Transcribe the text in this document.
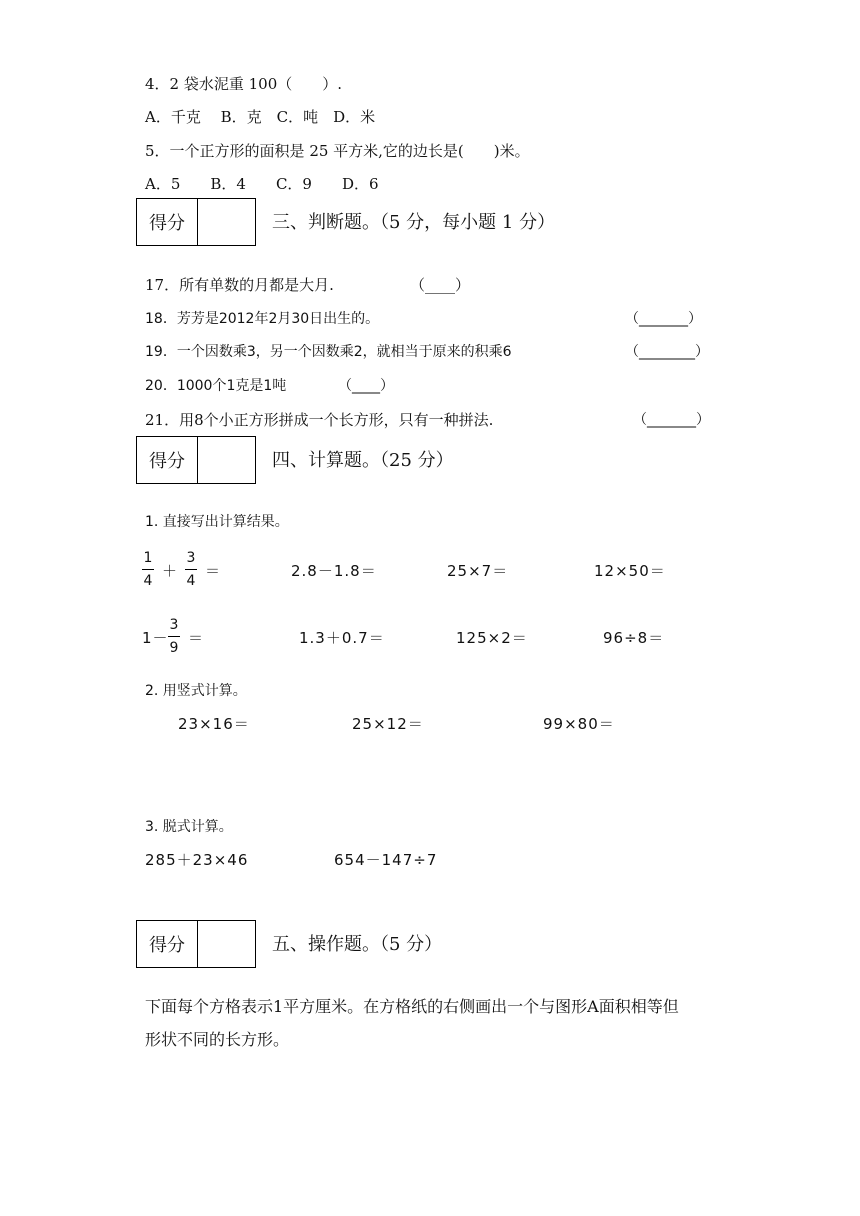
4．2 袋水泥重 100（　　）.
A．千克　 B．克　C．吨　D．米
5．一个正方形的面积是 25 平方米,它的边长是(　　)米。
A．5　　B．4　　C．9　　D．6
得分	三、判断题。（5 分，每小题 1 分）
17．所有单数的月都是大月.	（____）
18．芳芳是2012年2月30日出生的。	（_______）
19．一个因数乘3，另一个因数乘2，就相当于原来的积乘6	（________）
20．1000个1克是1吨	（____）
21．用8个小正方形拼成一个长方形，只有一种拼法.	（_______）
得分	四、计算题。（25 分）
1. 直接写出计算结果。
1
4
＋
3
4
＝	2.8－1.8＝	25×7＝	12×50＝
1－
3
9
＝	1.3＋0.7＝	125×2＝	96÷8＝
2. 用竖式计算。
23×16＝	25×12＝	99×80＝
3. 脱式计算。
285＋23×46	654－147÷7
得分	五、操作题。（5 分）
下面每个方格表示1平方厘米。在方格纸的右侧画出一个与图形A面积相等但
形状不同的长方形。
